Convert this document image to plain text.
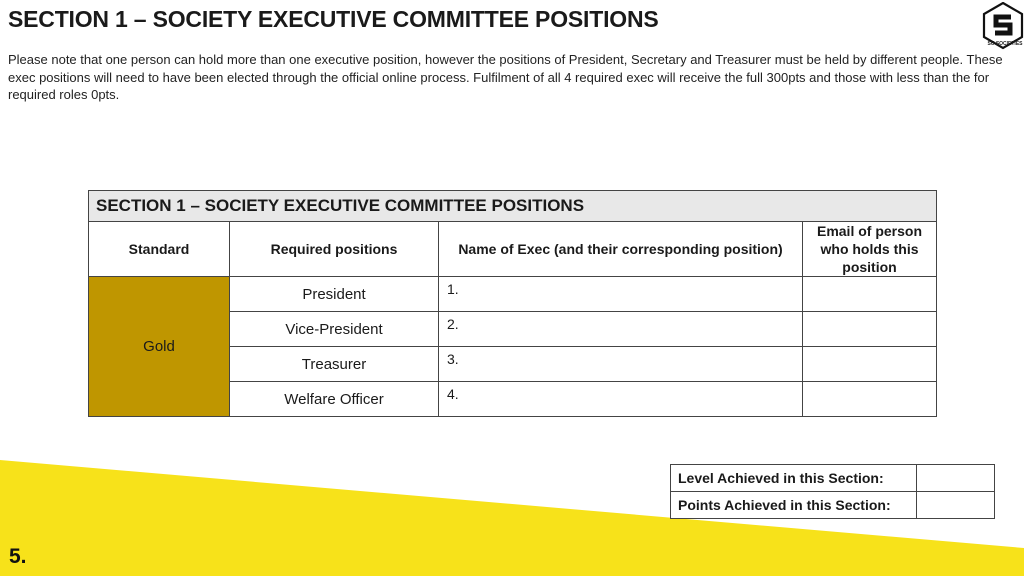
SECTION 1 – SOCIETY EXECUTIVE COMMITTEE POSITIONS
SU SOCIETIES

Please note that one person can hold more than one executive position, however the positions of President, Secretary and Treasurer must be held by different people. These exec positions will need to have been elected through the official online process. Fulfilment of all 4 required exec will receive the full 300pts and those with less than the for required roles 0pts.

SECTION 1 – SOCIETY EXECUTIVE COMMITTEE POSITIONS			
Standard	Required positions	Name of Exec (and their corresponding position)	Email of person who holds this position
Gold	President	1.	
	Vice-President	2.	
	Treasurer	3.	
	Welfare Officer	4.	
Level Achieved in this Section:	
Points Achieved in this Section:	
5.
